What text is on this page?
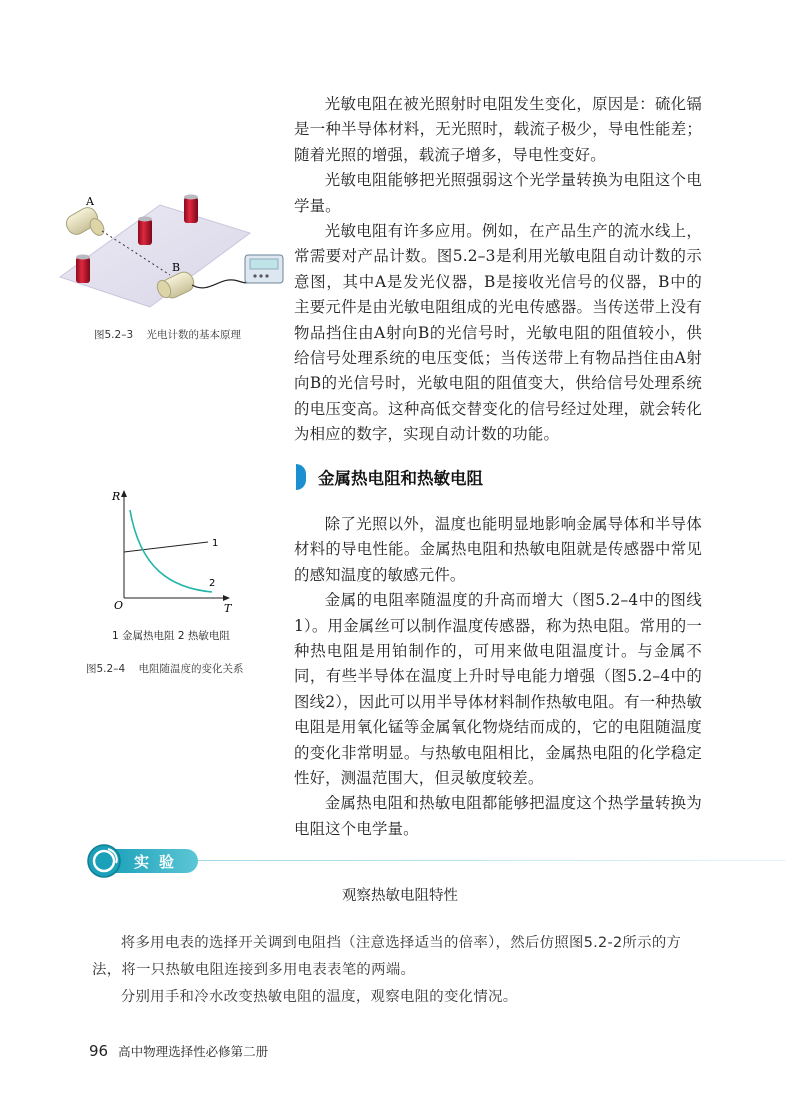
光敏电阻在被光照射时电阻发生变化，原因是：硫化镉是一种半导体材料，无光照时，载流子极少，导电性能差；随着光照的增强，载流子增多，导电性变好。

光敏电阻能够把光照强弱这个光学量转换为电阻这个电学量。

光敏电阻有许多应用。例如，在产品生产的流水线上，常需要对产品计数。图5.2–3是利用光敏电阻自动计数的示意图，其中A是发光仪器，B是接收光信号的仪器，B中的主要元件是由光敏电阻组成的光电传感器。当传送带上没有物品挡住由A射向B的光信号时，光敏电阻的阻值较小，供给信号处理系统的电压变低；当传送带上有物品挡住由A射向B的光信号时，光敏电阻的阻值变大，供给信号处理系统的电压变高。这种高低交替变化的信号经过处理，就会转化为相应的数字，实现自动计数的功能。

A
B
图5.2–3 光电计数的基本原理
金属热电阻和热敏电阻

除了光照以外，温度也能明显地影响金属导体和半导体材料的导电性能。金属热电阻和热敏电阻就是传感器中常见的感知温度的敏感元件。

金属的电阻率随温度的升高而增大（图5.2–4中的图线1）。用金属丝可以制作温度传感器，称为热电阻。常用的一种热电阻是用铂制作的，可用来做电阻温度计。与金属不同，有些半导体在温度上升时导电能力增强（图5.2–4中的图线2），因此可以用半导体材料制作热敏电阻。有一种热敏电阻是用氧化锰等金属氧化物烧结而成的，它的电阻随温度的变化非常明显。与热敏电阻相比，金属热电阻的化学稳定性好，测温范围大，但灵敏度较差。

金属热电阻和热敏电阻都能够把温度这个热学量转换为电阻这个电学量。

R
T
O
1
2
1 金属热电阻 2 热敏电阻
图5.2–4 电阻随温度的变化关系
实验
观察热敏电阻特性

将多用电表的选择开关调到电阻挡（注意选择适当的倍率），然后仿照图5.2-2所示的方法，将一只热敏电阻连接到多用电表表笔的两端。

分别用手和冷水改变热敏电阻的温度，观察电阻的变化情况。

96 高中物理选择性必修第二册
